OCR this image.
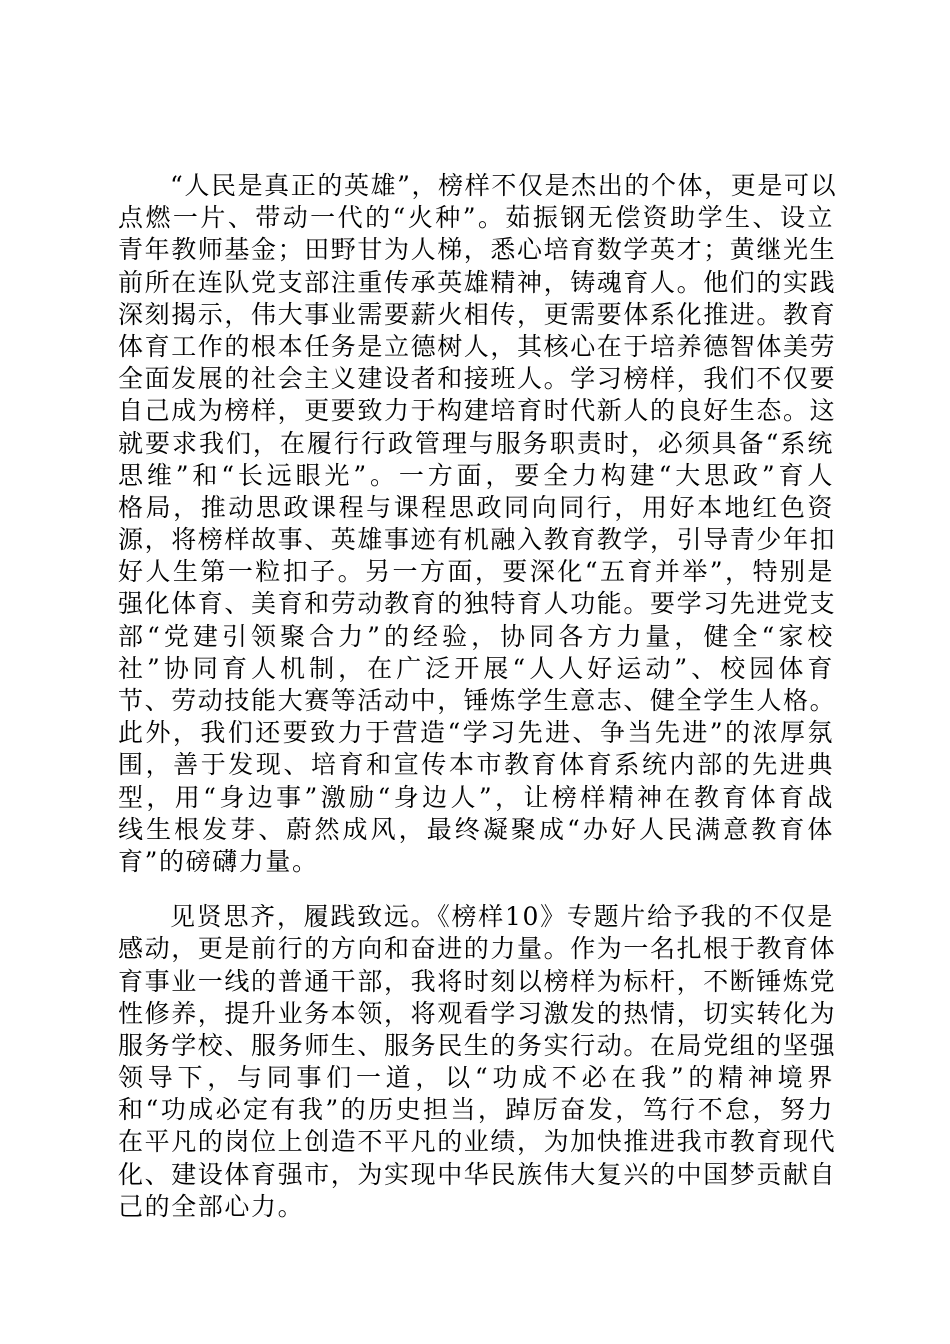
“人民是真正的英雄”，榜样不仅是杰出的个体，更是可以
点燃一片、带动一代的“火种”。茹振钢无偿资助学生、设立
青年教师基金；田野甘为人梯，悉心培育数学英才；黄继光生
前所在连队党支部注重传承英雄精神，铸魂育人。他们的实践
深刻揭示，伟大事业需要薪火相传，更需要体系化推进。教育
体育工作的根本任务是立德树人，其核心在于培养德智体美劳
全面发展的社会主义建设者和接班人。学习榜样，我们不仅要
自己成为榜样，更要致力于构建培育时代新人的良好生态。这
就要求我们，在履行行政管理与服务职责时，必须具备“系统
思维”和“长远眼光”。一方面，要全力构建“大思政”育人
格局，推动思政课程与课程思政同向同行，用好本地红色资
源，将榜样故事、英雄事迹有机融入教育教学，引导青少年扣
好人生第一粒扣子。另一方面，要深化“五育并举”，特别是
强化体育、美育和劳动教育的独特育人功能。要学习先进党支
部“党建引领聚合力”的经验，协同各方力量，健全“家校
社”协同育人机制，在广泛开展“人人好运动”、校园体育
节、劳动技能大赛等活动中，锤炼学生意志、健全学生人格。
此外，我们还要致力于营造“学习先进、争当先进”的浓厚氛
围，善于发现、培育和宣传本市教育体育系统内部的先进典
型，用“身边事”激励“身边人”，让榜样精神在教育体育战
线生根发芽、蔚然成风，最终凝聚成“办好人民满意教育体
育”的磅礴力量。
见贤思齐，履践致远。《榜样10》专题片给予我的不仅是
感动，更是前行的方向和奋进的力量。作为一名扎根于教育体
育事业一线的普通干部，我将时刻以榜样为标杆，不断锤炼党
性修养，提升业务本领，将观看学习激发的热情，切实转化为
服务学校、服务师生、服务民生的务实行动。在局党组的坚强
领导下，与同事们一道，以“功成不必在我”的精神境界
和“功成必定有我”的历史担当，踔厉奋发，笃行不怠，努力
在平凡的岗位上创造不平凡的业绩，为加快推进我市教育现代
化、建设体育强市，为实现中华民族伟大复兴的中国梦贡献自
己的全部心力。
